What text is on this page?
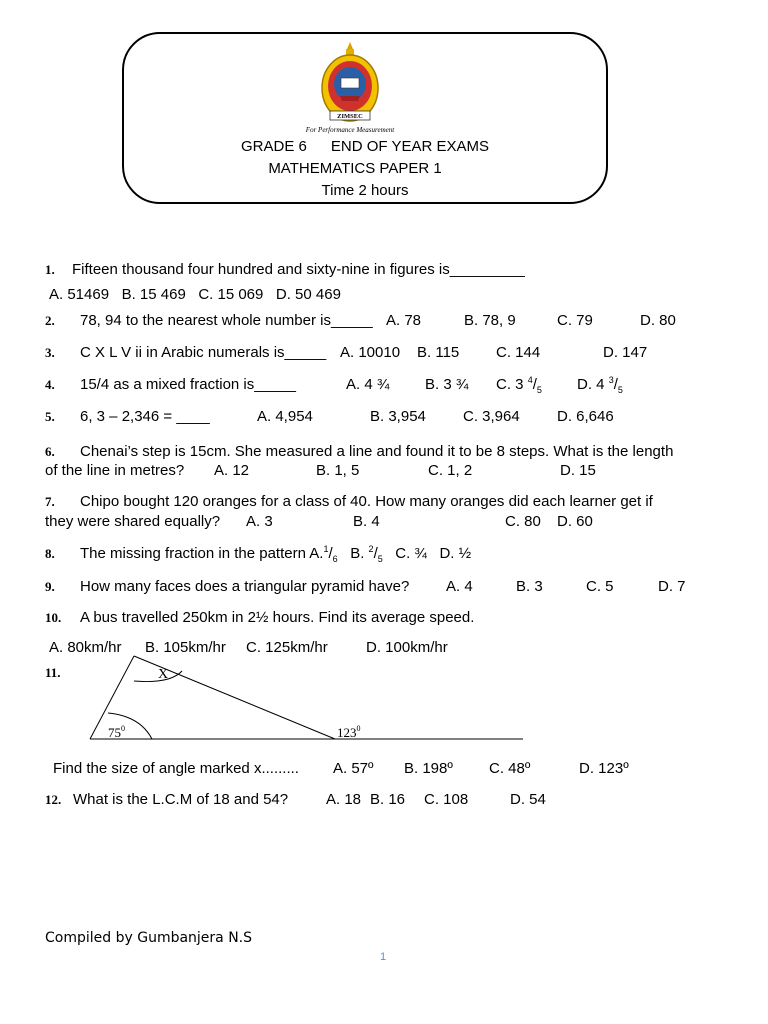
ZIMSEC
For Performance Measurement
GRADE 6 END OF YEAR EXAMS
MATHEMATICS PAPER 1
Time 2 hours
1. Fifteen thousand four hundred and sixty-nine in figures is_________
A. 51469 B. 15 469 C. 15 069 D. 50 469
2. 78, 94 to the nearest whole number is_____ A. 78	B. 78, 9	C. 79	D. 80
3. C X L V ii in Arabic numerals is_____ A. 10010 B. 115 C. 144	D. 147
4. 15/4 as a mixed fraction is_____	A. 4 ¾ B. 3 ¾ C. 3 $^4/_5$ D. 4 $^3/_5$
5. 6, 3 – 2,346 = ____	A. 4,954	B. 3,954 C. 3,964 D. 6,646
6. Chenai’s step is 15cm. She measured a line and found it to be 8 steps. What is the length
of the line in metres? A. 12	B. 1, 5	C. 1, 2	D. 15
7. Chipo bought 120 oranges for a class of 40. How many oranges did each learner get if
they were shared equally? A. 3	B. 4	C. 80 D. 60
8. The missing fraction in the pattern $A.^1/_6$ B. $^2/_5$ C. ¾ D. ½
9. How many faces does a triangular pyramid have? A. 4	B. 3	C. 5	D. 7
10. A bus travelled 250km in 2½ hours. Find its average speed.
A. 80km/hr B. 105km/hr C. 125km/hr	D. 100km/hr
11.	X
$75^0$	$123^0$
Find the size of angle marked x......... A. 57º B. 198º C. 48º	D. 123º
12. What is the L.C.M of 18 and 54?	A. 18 B. 16 C. 108	D. 54
Compiled by Gumbanjera N.S
1
